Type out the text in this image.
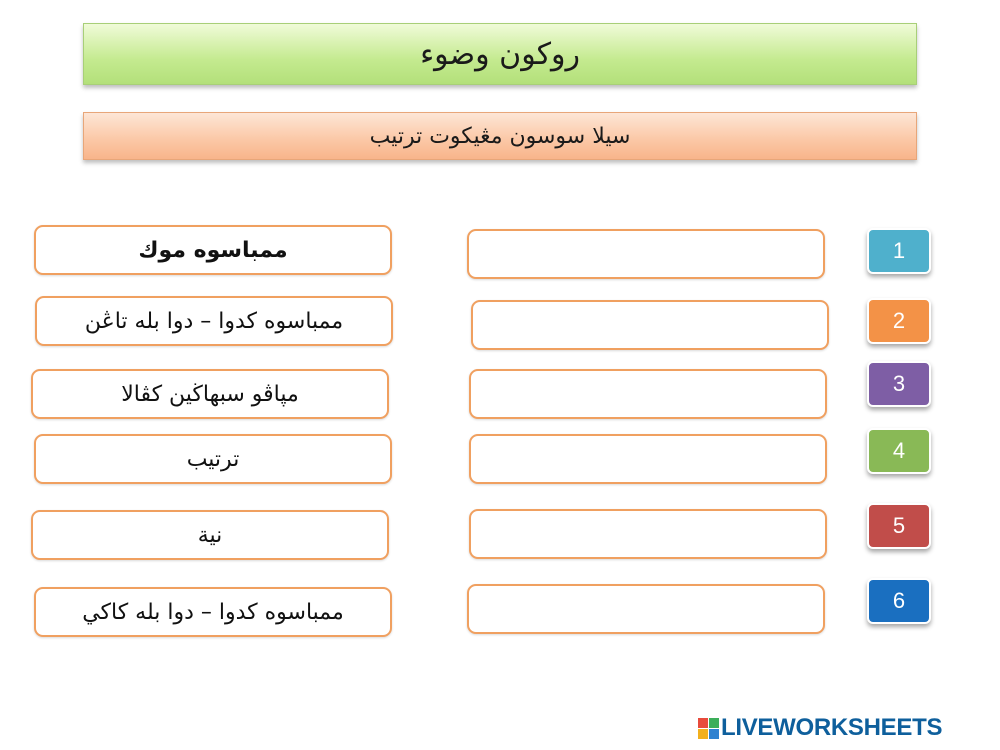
روكون وضوء
سيلا سوسون مڠيکوت ترتيب
ممباسوه موك
ممباسوه كدوا – دوا بله تاڠن
مپاڤو سبهاڬين كڤالا
ترتيب
نية
ممباسوه كدوا – دوا بله كاكي
1
2
3
4
5
6
LIVEWORKSHEETS
